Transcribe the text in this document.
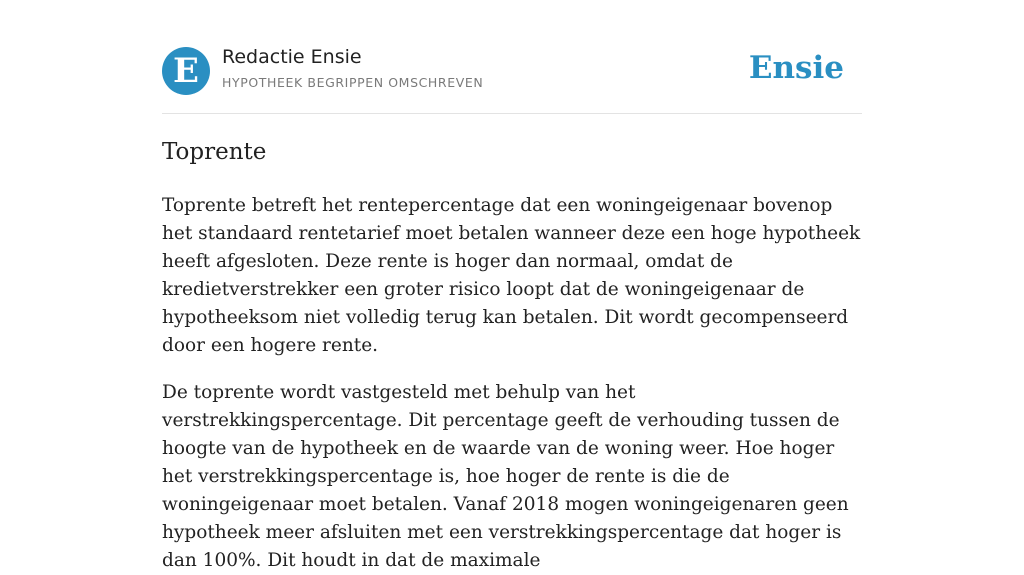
E	Redactie Ensie
HYPOTHEEK BEGRIPPEN OMSCHREVEN	Ensie
Toprente

Toprente betreft het rentepercentage dat een woningeigenaar bovenop het standaard rentetarief moet betalen wanneer deze een hoge hypotheek heeft afgesloten. Deze rente is hoger dan normaal, omdat de kredietverstrekker een groter risico loopt dat de woningeigenaar de hypotheeksom niet volledig terug kan betalen. Dit wordt gecompenseerd door een hogere rente.

De toprente wordt vastgesteld met behulp van het verstrekkingspercentage. Dit percentage geeft de verhouding tussen de hoogte van de hypotheek en de waarde van de woning weer. Hoe hoger het verstrekkingspercentage is, hoe hoger de rente is die de woningeigenaar moet betalen. Vanaf 2018 mogen woningeigenaren geen hypotheek meer afsluiten met een verstrekkingspercentage dat hoger is dan 100%. Dit houdt in dat de maximale
